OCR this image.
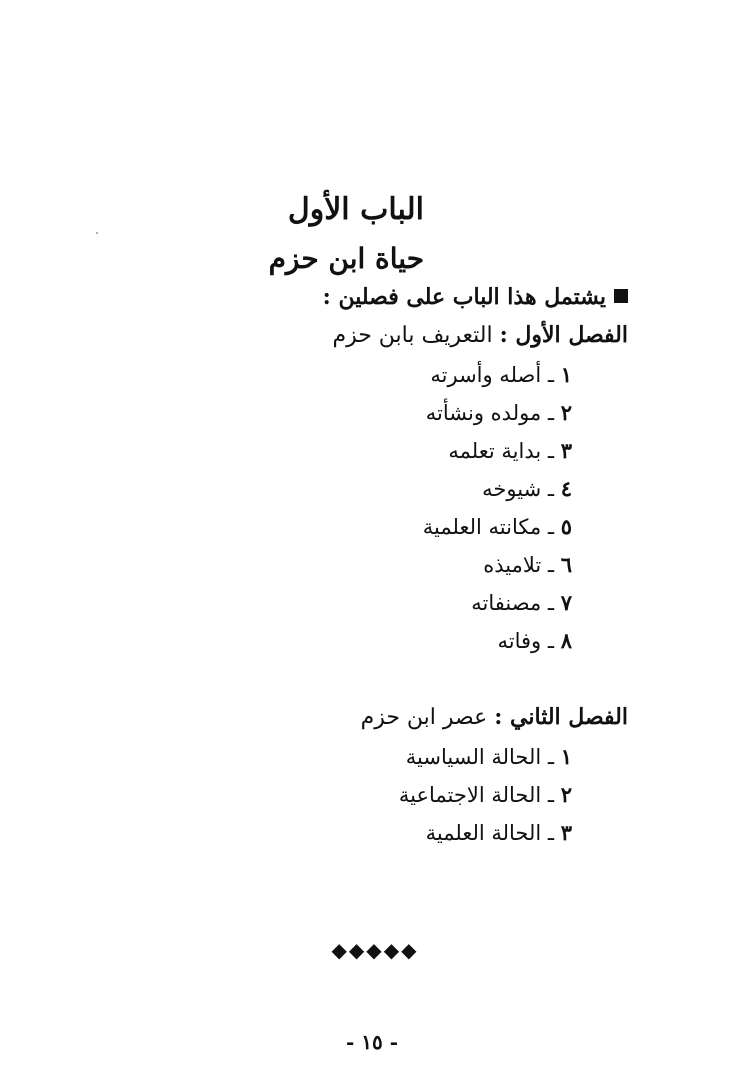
الباب الأول
حياة ابن حزم
يشتمل هذا الباب على فصلين :
الفصل الأول : التعريف بابن حزم
١ ـ أصله وأسرته
٢ ـ مولده ونشأته
٣ ـ بداية تعلمه
٤ ـ شيوخه
٥ ـ مكانته العلمية
٦ ـ تلاميذه
٧ ـ مصنفاته
٨ ـ وفاته
الفصل الثاني : عصر ابن حزم
١ ـ الحالة السياسية
٢ ـ الحالة الاجتماعية
٣ ـ الحالة العلمية
◆◆◆◆◆
- ١٥ -
